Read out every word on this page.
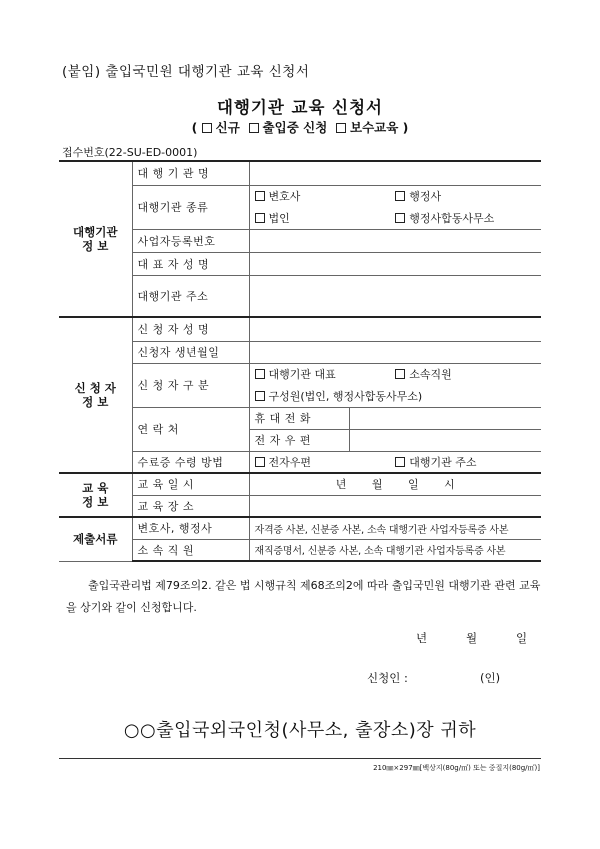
(붙임) 출입국민원 대행기관 교육 신청서
대행기관 교육 신청서
( 신규 출입중 신청 보수교육 )
접수번호(22-SU-ED-0001)
대행기관
정 보	대 행 기 관 명		
	대행기관 종류	변호사 행정사	

		법인 행정사합동사무소	

	사업자등록번호		
	대 표 자 성 명		
	대행기관 주소		
신 청 자
정 보	신 청 자 성 명		
	신청자 생년월일		
	신 청 자 구 분	대행기관 대표 소속직원	

		구성원(법인, 행정사합동사무소)	
	연 락 처	휴 대 전 화	
		전 자 우 편	
	수료증 수령 방법	전자우편 대행기관 주소	

교 육
정 보	교 육 일 시	년 월 일 시	
	교 육 장 소		
제출서류	변호사, 행정사	자격증 사본, 신분증 사본, 소속 대행기관 사업자등록증 사본	
	소 속 직 원	재직증명서, 신분증 사본, 소속 대행기관 사업자등록증 사본	
출입국관리법 제79조의2. 같은 법 시행규칙 제68조의2에 따라 출입국민원 대행기관 관련 교육을 상기와 같이 신청합니다.
년	월	일
신청인 :	(인)
○○출입국외국인청(사무소, 출장소)장 귀하
210㎜×297㎜[백상지(80g/㎡) 또는 중질지(80g/㎡)]
